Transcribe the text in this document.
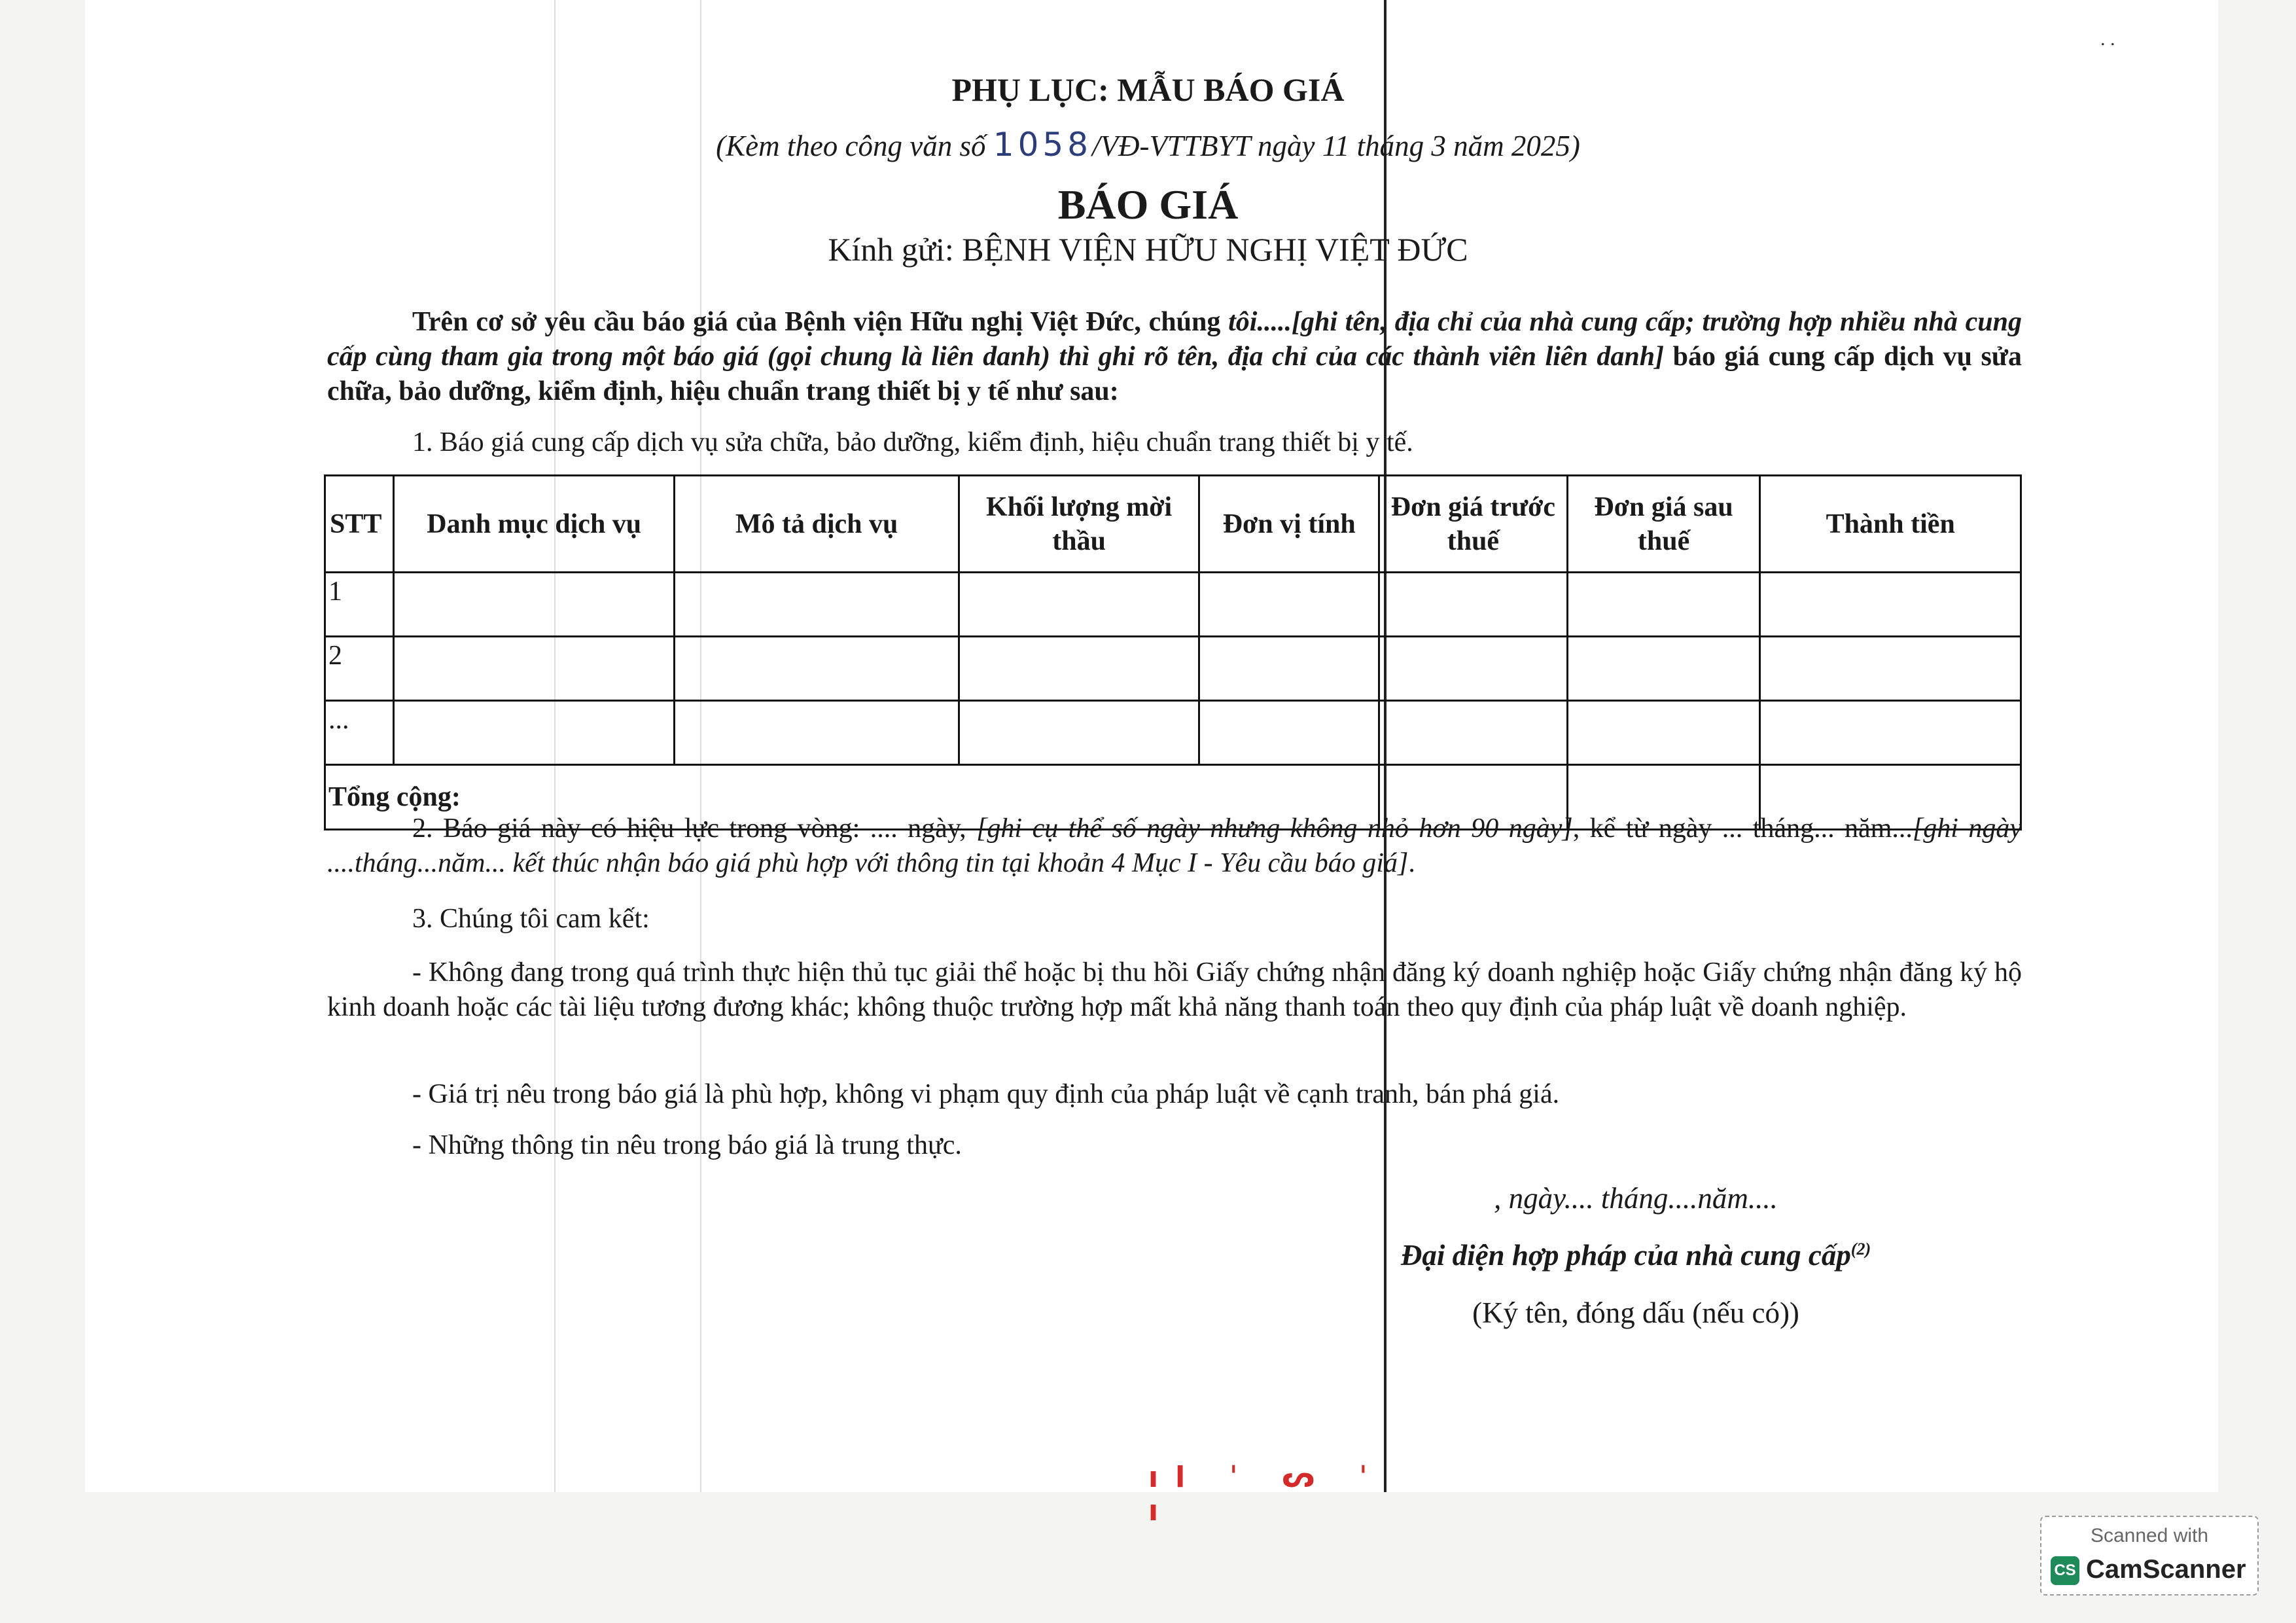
. .
PHỤ LỤC: MẪU BÁO GIÁ
(Kèm theo công văn số 1058/VĐ-VTTBYT ngày 11 tháng 3 năm 2025)
BÁO GIÁ
Kính gửi: BỆNH VIỆN HỮU NGHỊ VIỆT ĐỨC
Trên cơ sở yêu cầu báo giá của Bệnh viện Hữu nghị Việt Đức, chúng tôi.....[ghi tên, địa chỉ của nhà cung cấp; trường hợp nhiều nhà cung cấp cùng tham gia trong một báo giá (gọi chung là liên danh) thì ghi rõ tên, địa chỉ của các thành viên liên danh] báo giá cung cấp dịch vụ sửa chữa, bảo dưỡng, kiểm định, hiệu chuẩn trang thiết bị y tế như sau:
1. Báo giá cung cấp dịch vụ sửa chữa, bảo dưỡng, kiểm định, hiệu chuẩn trang thiết bị y tế.
STT	Danh mục dịch vụ	Mô tả dịch vụ	Khối lượng mời thầu	Đơn vị tính	Đơn giá trước thuế	Đơn giá sau thuế	Thành tiền
1							
2							
...							
Tổng cộng:							
2. Báo giá này có hiệu lực trong vòng: .... ngày, [ghi cụ thể số ngày nhưng không nhỏ hơn 90 ngày], kể từ ngày ... tháng... năm...[ghi ngày ....tháng...năm... kết thúc nhận báo giá phù hợp với thông tin tại khoản 4 Mục I - Yêu cầu báo giá].
3. Chúng tôi cam kết:
- Không đang trong quá trình thực hiện thủ tục giải thể hoặc bị thu hồi Giấy chứng nhận đăng ký doanh nghiệp hoặc Giấy chứng nhận đăng ký hộ kinh doanh hoặc các tài liệu tương đương khác; không thuộc trường hợp mất khả năng thanh toán theo quy định của pháp luật về doanh nghiệp.
- Giá trị nêu trong báo giá là phù hợp, không vi phạm quy định của pháp luật về cạnh tranh, bán phá giá.
- Những thông tin nêu trong báo giá là trung thực.
, ngày.... tháng....năm....
Đại diện hợp pháp của nhà cung cấp$^{(2)}$
(Ký tên, đóng dấu (nếu có))
ıl ˈ ᔕ ˈ ı
Scanned with
CS CamScanner
